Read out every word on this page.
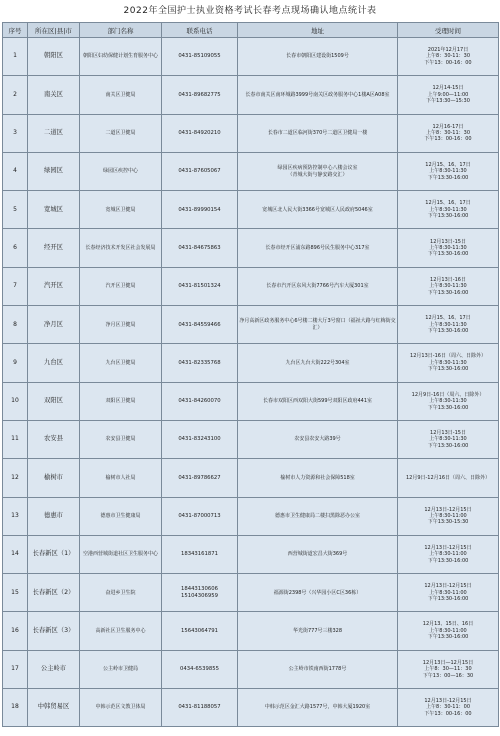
2022年全国护士执业资格考试长春考点现场确认地点统计表
序号	所在区|县|市	部门名称	联系电话	地址	受理时间
1	朝阳区	朝阳区妇幼保健计划生育服务中心	0431-85109055	长春市朝阳区建设街1509号	2021年12月17日
上午8：30-11：30
下午13：00-16：00
2	南关区	南关区卫健局	0431-89682775	长春市南关区南环城路3999号南关区政务服务中心1楼A区A08室	12月14-15日
上午9:00—11:00
下午13:30—15:30
3	二道区	二道区卫健局	0431-84920210	长春市二道区临河街370号二道区卫健局一楼	12月16-17日
上午8：30-11：30
下午13：00-16：00
4	绿园区	绿园区疾控中心	0431-87605067	绿园区疾病预防控制中心八楼会议室
（青城大街与静安路交汇）	12月15、16、17日
上午8:30-11:30
下午13:30-16:00
5	宽城区	宽城区卫健局	0431-89990154	宽城区北人民大街3366号宽城区人民政府5046室	12月15、16、17日
上午8:30-11:30
下午13:30-16:00
6	经开区	长春经济技术开发区社会发展局	0431-84675863	长春市经开区浦东路896号民生服务中心317室	12月13日-15日
上午8:30-11:30
下午13:30-16:00
7	汽开区	汽开区卫健局	0431-81501324	长春市汽开区东风大街7766号汽车大厦301室	12月13日-16日
上午8:30-11:30
下午13:30-16:00
8	净月区	净月区卫健局	0431-84559466	净月高新区政务服务中心6号楼二楼大厅3号窗口（福祉大路与红梅街交汇）	12月15、16、17日
上午8:30-11:30
下午13:30-16:00
9	九台区	九台区卫健局	0431-82335768	九台区九台大街222号304室	12月13日-16日（周六、日除外）
上午8:30-11:30
下午13:30-16:00
10	双阳区	双阳区卫健局	0431-84260070	长春市双阳区西双阳大街599号双阳区政府441室	12月9日-16日（周六、日除外）
上午8:30-11:30
下午13:30-16:00
11	农安县	农安县卫健局	0431-83243100	农安县农安大路39号	12月13日-15日
上午8:30-11:30
下午13:30-16:00
12	榆树市	榆树市人社局	0431-89786627	榆树市人力资源和社会保障518室	12月9日-12月16日（周六、日除外）
13	德惠市	德惠市卫生健康局	0431-87000713	德惠市卫生健康局二楼扫黑除恶办公室	12月13日-12月15日
上午8:30-11:00
下午13:30-15:30
14	长春新区（1）	空港西营城街道社区卫生服务中心	18343161871	西营城街道宏昌大街369号	12月13日-12月15日
上午8:30-11:00
下午13:30-16:00
15	长春新区（2）	奋进乡卫生院	18443130606
15104306959	福源街2398号（兴华园小区C区36栋）	12月13日-12月15日
上午8:30-11:00
下午13:30-16:00
16	长春新区（3）	高新社区卫生服务中心	15643064791	华光街777号三楼328	12月13、15日、16日
上午8:30-11:00
下午13:30-16:00
17	公主岭市	公主岭市卫健局	0434-6539855	公主岭市铁南西街1778号	12月13日—12月15日
上午8：30—11：30
下午13：00—16：30
18	中韩贸易区	中韩示范区文教卫体局	0431-81188057	中韩示范区金汇大路1577号，中韩大厦1920室	12月13日-12月15日
上午8：30-11：00
下午13：00-16：00
